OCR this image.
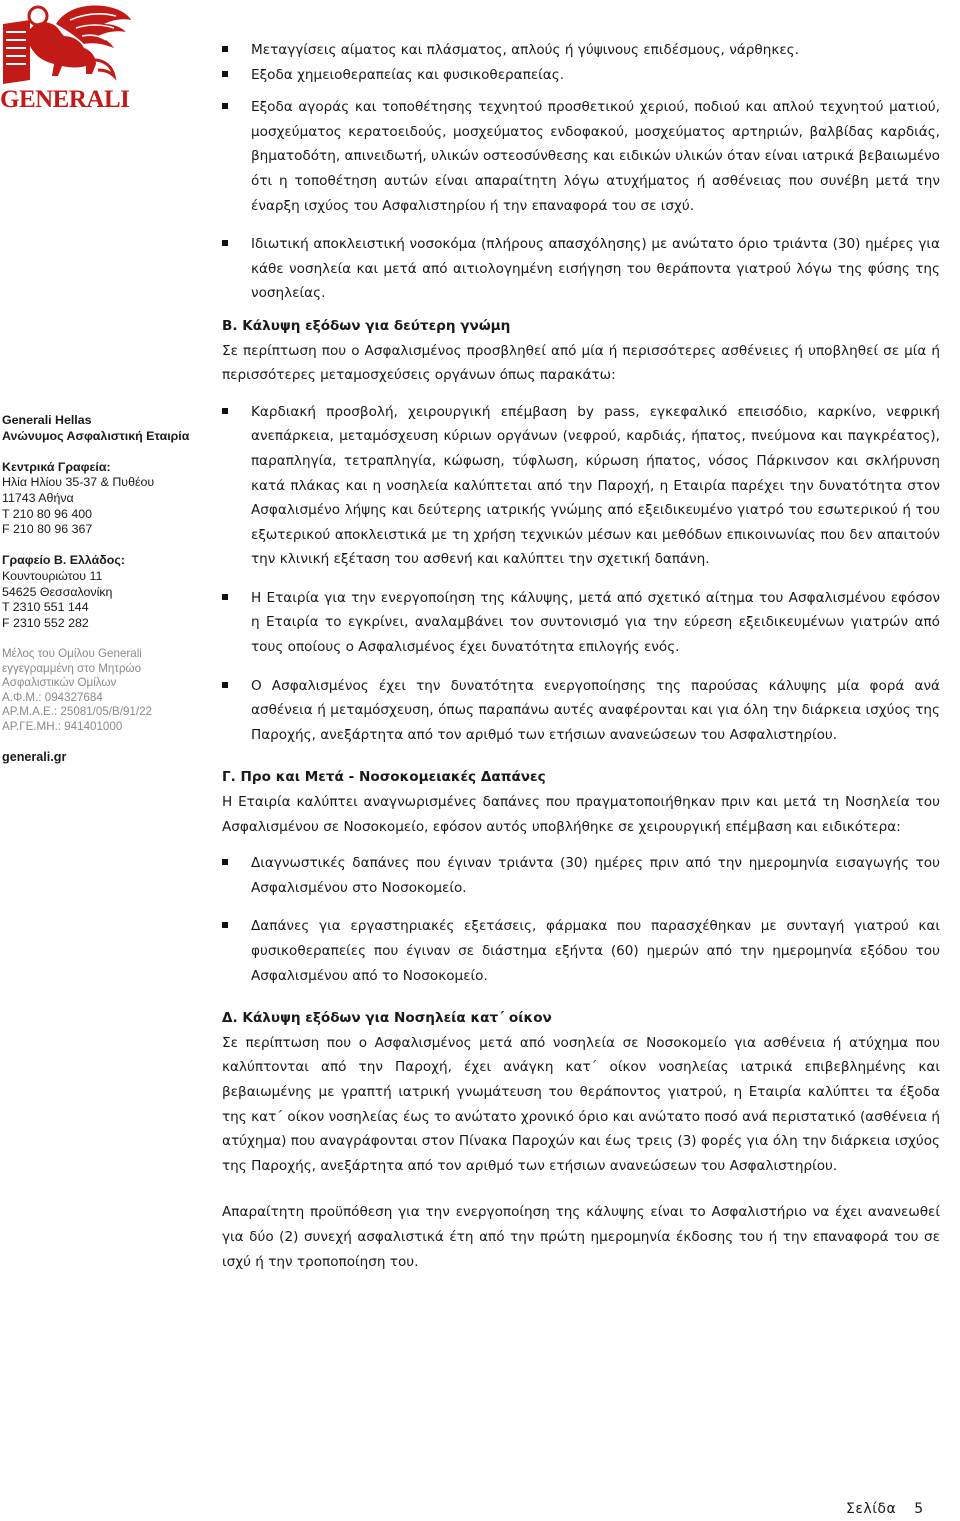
GENERALI
Generali Hellas
Ανώνυμος Ασφαλιστική Εταιρία
Κεντρικά Γραφεία:
Ηλία Ηλίου 35-37 & Πυθέου
11743 Αθήνα
T 210 80 96 400
F 210 80 96 367
Γραφείο Β. Ελλάδος:
Κουντουριώτου 11
54625 Θεσσαλονίκη
T 2310 551 144
F 2310 552 282
Μέλος του Ομίλου Generali
εγγεγραμμένη στο Μητρώο
Ασφαλιστικών Ομίλων
Α.Φ.Μ.: 094327684
ΑΡ.Μ.Α.Ε.: 25081/05/Β/91/22
ΑΡ.ΓΕ.ΜΗ.: 941401000
generali.gr
Μεταγγίσεις αίματος και πλάσματος, απλούς ή γύψινους επιδέσμους, νάρθηκες.
Εξοδα χημειοθεραπείας και φυσικοθεραπείας.
Εξοδα αγοράς και τοποθέτησης τεχνητού προσθετικού χεριού, ποδιού και απλού τεχνητού ματιού, μοσχεύματος κερατοειδούς, μοσχεύματος ενδοφακού, μοσχεύματος αρτηριών, βαλβίδας καρδιάς, βηματοδότη, απινειδωτή, υλικών οστεοσύνθεσης και ειδικών υλικών όταν είναι ιατρικά βεβαιωμένο ότι η τοποθέτηση αυτών είναι απαραίτητη λόγω ατυχήματος ή ασθένειας που συνέβη μετά την έναρξη ισχύος του Ασφαλιστηρίου ή την επαναφορά του σε ισχύ.
Ιδιωτική αποκλειστική νοσοκόμα (πλήρους απασχόλησης) με ανώτατο όριο τριάντα (30) ημέρες για κάθε νοσηλεία και μετά από αιτιολογημένη εισήγηση του θεράποντα γιατρού λόγω της φύσης της νοσηλείας.
Β. Κάλυψη εξόδων για δεύτερη γνώμη
Σε περίπτωση που ο Ασφαλισμένος προσβληθεί από μία ή περισσότερες ασθένειες ή υποβληθεί σε μία ή περισσότερες μεταμοσχεύσεις οργάνων όπως παρακάτω:
Καρδιακή προσβολή, χειρουργική επέμβαση by pass, εγκεφαλικό επεισόδιο, καρκίνο, νεφρική ανεπάρκεια, μεταμόσχευση κύριων οργάνων (νεφρού, καρδιάς, ήπατος, πνεύμονα και παγκρέατος), παραπληγία, τετραπληγία, κώφωση, τύφλωση, κύρωση ήπατος, νόσος Πάρκινσον και σκλήρυνση κατά πλάκας και η νοσηλεία καλύπτεται από την Παροχή, η Εταιρία παρέχει την δυνατότητα στον Ασφαλισμένο λήψης και δεύτερης ιατρικής γνώμης από εξειδικευμένο γιατρό του εσωτερικού ή του εξωτερικού αποκλειστικά με τη χρήση τεχνικών μέσων και μεθόδων επικοινωνίας που δεν απαιτούν την κλινική εξέταση του ασθενή και καλύπτει την σχετική δαπάνη.
Η Εταιρία για την ενεργοποίηση της κάλυψης, μετά από σχετικό αίτημα του Ασφαλισμένου εφόσον η Εταιρία το εγκρίνει, αναλαμβάνει τον συντονισμό για την εύρεση εξειδικευμένων γιατρών από τους οποίους ο Ασφαλισμένος έχει δυνατότητα επιλογής ενός.
Ο Ασφαλισμένος έχει την δυνατότητα ενεργοποίησης της παρούσας κάλυψης μία φορά ανά ασθένεια ή μεταμόσχευση, όπως παραπάνω αυτές αναφέρονται και για όλη την διάρκεια ισχύος της Παροχής, ανεξάρτητα από τον αριθμό των ετήσιων ανανεώσεων του Ασφαλιστηρίου.
Γ. Προ και Μετά - Νοσοκομειακές Δαπάνες
Η Εταιρία καλύπτει αναγνωρισμένες δαπάνες που πραγματοποιήθηκαν πριν και μετά τη Νοσηλεία του Ασφαλισμένου σε Νοσοκομείο, εφόσον αυτός υποβλήθηκε σε χειρουργική επέμβαση και ειδικότερα:
Διαγνωστικές δαπάνες που έγιναν τριάντα (30) ημέρες πριν από την ημερομηνία εισαγωγής του Ασφαλισμένου στο Νοσοκομείο.
Δαπάνες για εργαστηριακές εξετάσεις, φάρμακα που παρασχέθηκαν με συνταγή γιατρού και φυσικοθεραπείες που έγιναν σε διάστημα εξήντα (60) ημερών από την ημερομηνία εξόδου του Ασφαλισμένου από το Νοσοκομείο.
Δ. Κάλυψη εξόδων για Νοσηλεία κατ΄ οίκον
Σε περίπτωση που ο Ασφαλισμένος μετά από νοσηλεία σε Νοσοκομείο για ασθένεια ή ατύχημα που καλύπτονται από την Παροχή, έχει ανάγκη κατ΄ οίκον νοσηλείας ιατρικά επιβεβλημένης και βεβαιωμένης με γραπτή ιατρική γνωμάτευση του θεράποντος γιατρού, η Εταιρία καλύπτει τα έξοδα της κατ΄ οίκον νοσηλείας έως το ανώτατο χρονικό όριο και ανώτατο ποσό ανά περιστατικό (ασθένεια ή ατύχημα) που αναγράφονται στον Πίνακα Παροχών και έως τρεις (3) φορές για όλη την διάρκεια ισχύος της Παροχής, ανεξάρτητα από τον αριθμό των ετήσιων ανανεώσεων του Ασφαλιστηρίου.
Απαραίτητη προϋπόθεση για την ενεργοποίηση της κάλυψης είναι το Ασφαλιστήριο να έχει ανανεωθεί για δύο (2) συνεχή ασφαλιστικά έτη από την πρώτη ημερομηνία έκδοσης του ή την επαναφορά του σε ισχύ ή την τροποποίηση του.
Σελίδα 5
